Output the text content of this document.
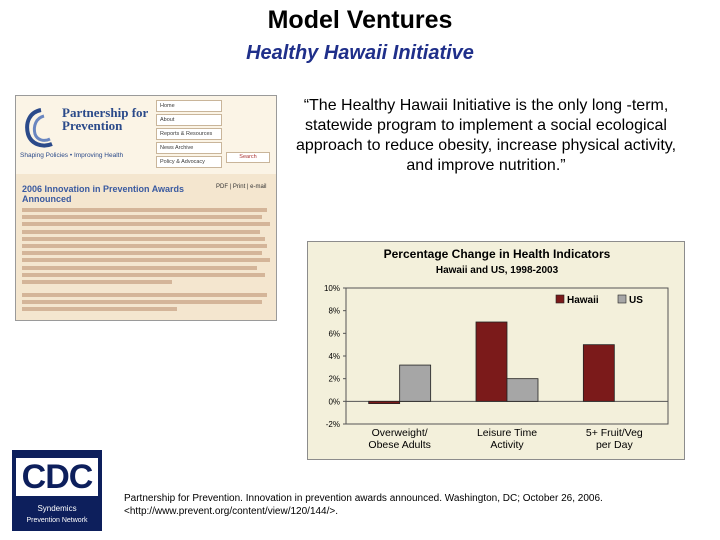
Model Ventures
Healthy Hawaii Initiative
Partnership for Prevention
Shaping Policies • Improving Health
Home
About
Reports & Resources
News Archive
Policy & Advocacy
Search
2006 Innovation in Prevention Awards Announced
PDF | Print | e-mail
“The Healthy Hawaii Initiative is the only long -term, statewide program to implement a social ecological approach to reduce obesity, increase physical activity, and improve nutrition.”
Percentage Change in Health Indicators
Hawaii and US, 1998-2003
-2%
0%
2%
4%
6%
8%
10%
Overweight/
Obese Adults
Leisure Time
Activity
5+ Fruit/Veg
per Day
Hawaii	US
CDC
Syndemics
Prevention Network
Partnership for Prevention. Innovation in prevention awards announced. Washington, DC; October 26, 2006. <http://www.prevent.org/content/view/120/144/>.
